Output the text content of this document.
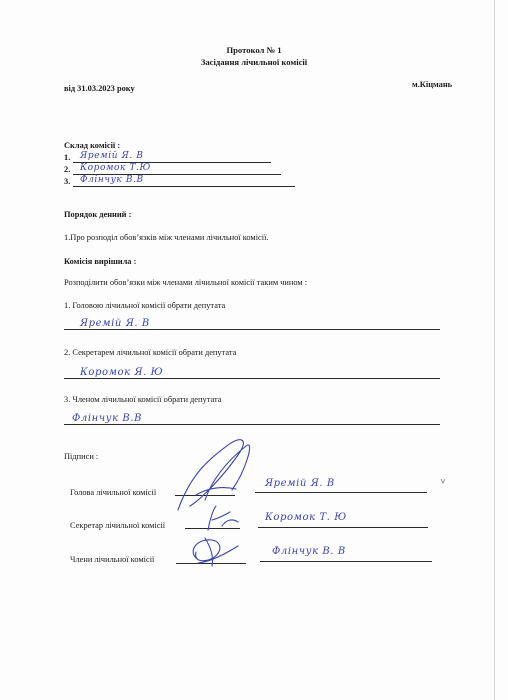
Протокол № 1
Засідання лічильної комісії
від 31.03.2023 року	м.Кіцмань
Склад комісії :
1. Яремій Я. В
2. Коромок Т.Ю
3. Флінчук В.В
Порядок денний :
1.Про розподіл обов’язків між членами лічильної комісії.
Комісія вирішила :
Розподілити обов’язки між членами лічильної комісії таким чином :
1. Головою лічильної комісії обрати депутата
Яремій Я. В
2. Секретарем лічильної комісії обрати депутата
Коромок Я. Ю
3. Членом лічильної комісії обрати депутата
Флінчук В.В
Підписи :
Голова лічильної комісії
Яремій Я. В
Секретар лічильної комісії
Коромок Т. Ю
Члени лічильної комісії
Флінчук В. В
